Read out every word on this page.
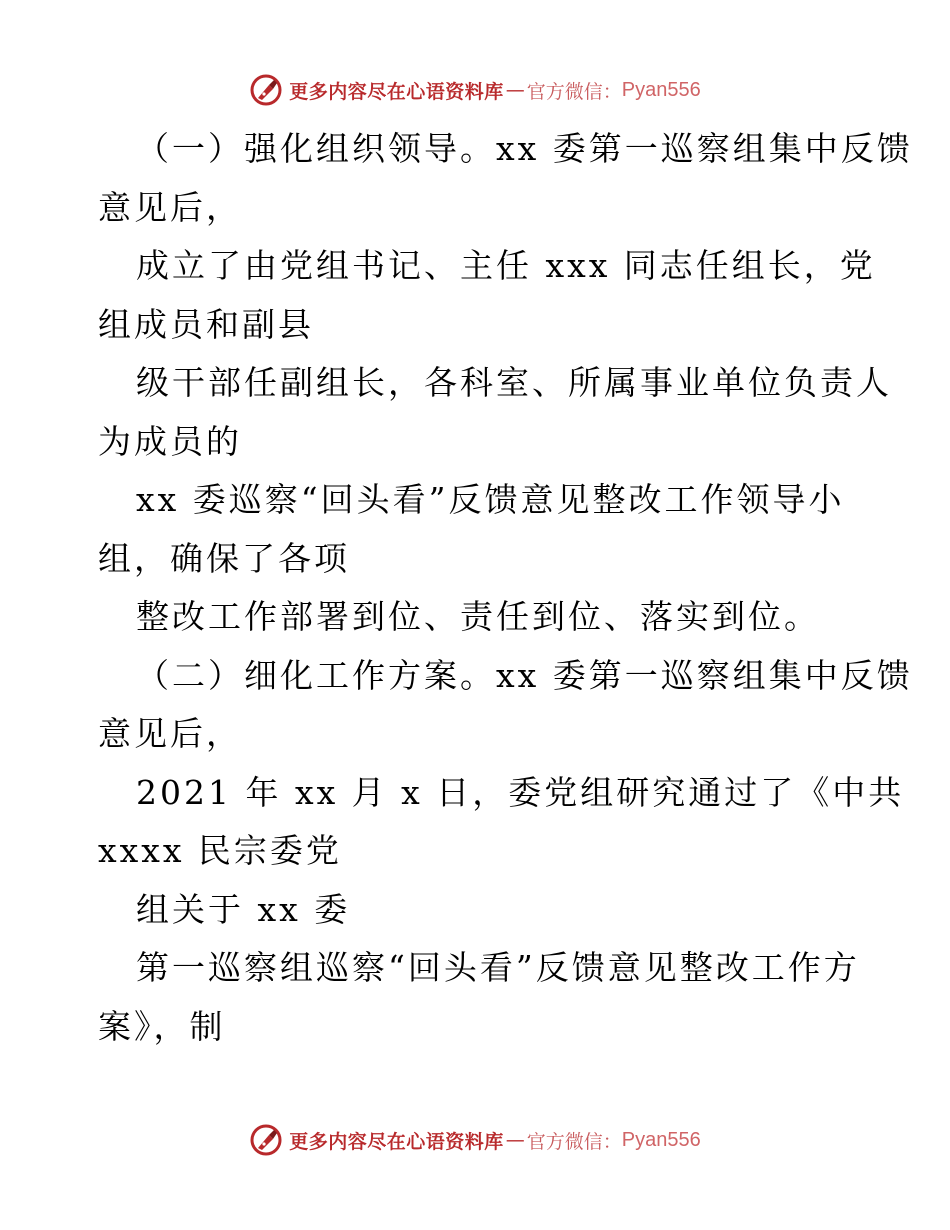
更多内容尽在心语资料库 — 官方微信： Pyan556
（一）强化组织领导。xx 委第一巡察组集中反馈
意见后，
成立了由党组书记、主任 xxx 同志任组长，党
组成员和副县
级干部任副组长，各科室、所属事业单位负责人
为成员的
xx 委巡察“回头看”反馈意见整改工作领导小
组，确保了各项
整改工作部署到位、责任到位、落实到位。
（二）细化工作方案。xx 委第一巡察组集中反馈
意见后，
2021 年 xx 月 x 日，委党组研究通过了《中共
xxxx 民宗委党
组关于 xx 委
第一巡察组巡察“回头看”反馈意见整改工作方
案》，制
更多内容尽在心语资料库 — 官方微信： Pyan556
